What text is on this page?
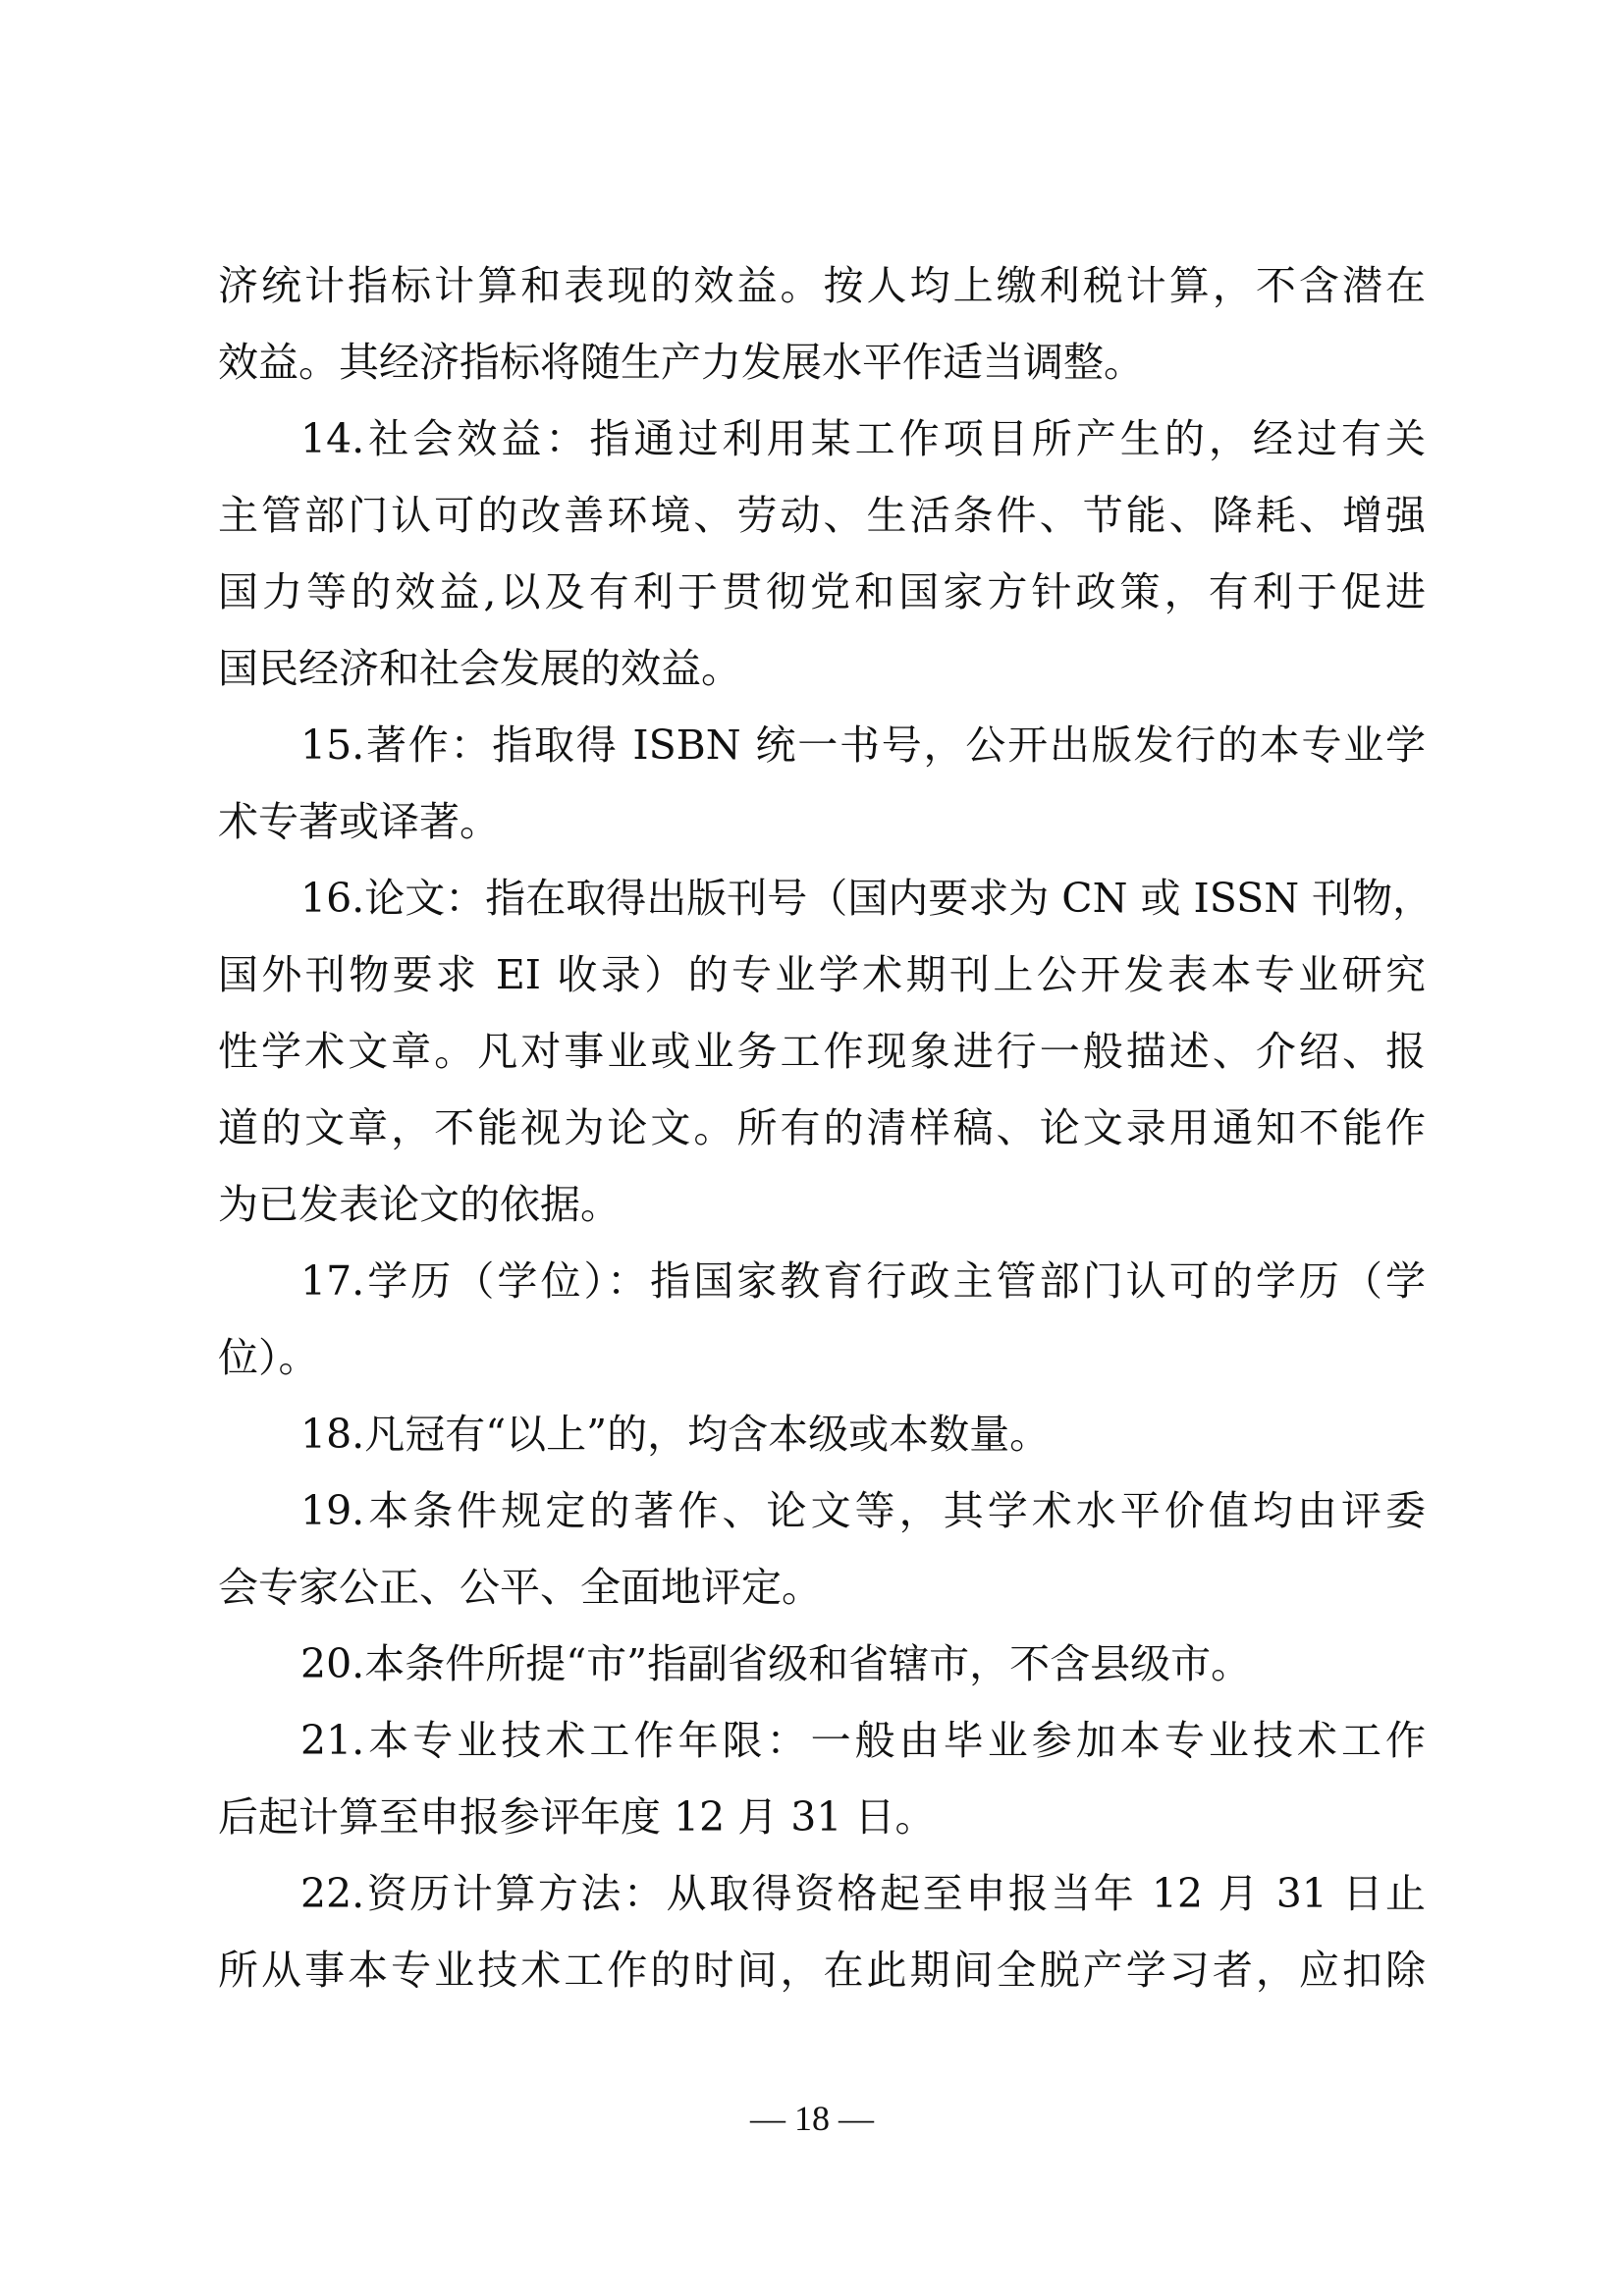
济统计指标计算和表现的效益。按人均上缴利税计算，不含潜在
效益。其经济指标将随生产力发展水平作适当调整。
14.社会效益：指通过利用某工作项目所产生的，经过有关
主管部门认可的改善环境、劳动、生活条件、节能、降耗、增强
国力等的效益,以及有利于贯彻党和国家方针政策，有利于促进
国民经济和社会发展的效益。
15.著作：指取得 ISBN 统一书号，公开出版发行的本专业学
术专著或译著。
16.论文：指在取得出版刊号（国内要求为 CN 或 ISSN 刊物，
国外刊物要求 EI 收录）的专业学术期刊上公开发表本专业研究
性学术文章。凡对事业或业务工作现象进行一般描述、介绍、报
道的文章，不能视为论文。所有的清样稿、论文录用通知不能作
为已发表论文的依据。
17.学历（学位）：指国家教育行政主管部门认可的学历（学
位）。
18.凡冠有“以上”的，均含本级或本数量。
19.本条件规定的著作、论文等，其学术水平价值均由评委
会专家公正、公平、全面地评定。
20.本条件所提“市”指副省级和省辖市，不含县级市。
21.本专业技术工作年限：一般由毕业参加本专业技术工作
后起计算至申报参评年度 12 月 31 日。
22.资历计算方法：从取得资格起至申报当年 12 月 31 日止
所从事本专业技术工作的时间，在此期间全脱产学习者，应扣除
— 18 —
